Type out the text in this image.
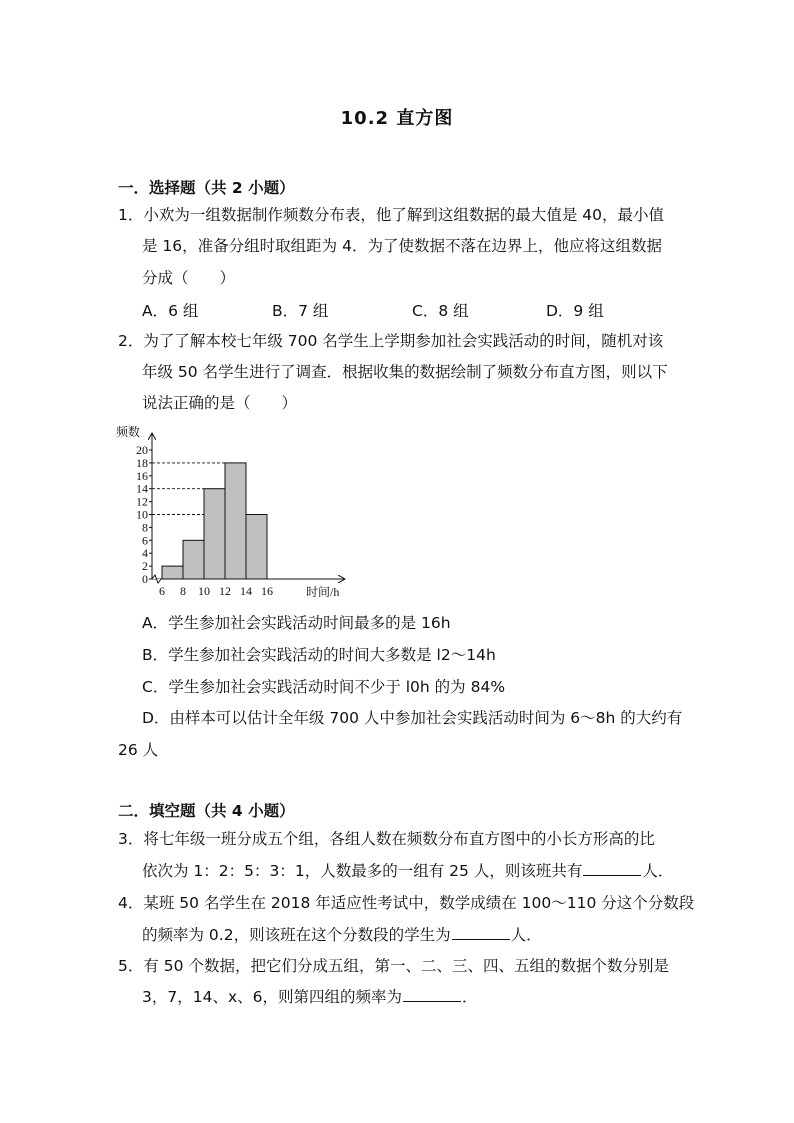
10.2 直方图
一．选择题（共 2 小题）
1．小欢为一组数据制作频数分布表，他了解到这组数据的最大值是 40，最小值
是 16，准备分组时取组距为 4．为了使数据不落在边界上，他应将这组数据
分成（　　）
A．6 组	B．7 组	C．8 组	D．9 组
2．为了了解本校七年级 700 名学生上学期参加社会实践活动的时间，随机对该
年级 50 名学生进行了调查．根据收集的数据绘制了频数分布直方图，则以下
说法正确的是（　　）
频数
时间/h
0
2
4
6
8
10
12
14
16
18
20
6 8 10 12 14 16
A．学生参加社会实践活动时间最多的是 16h
B．学生参加社会实践活动的时间大多数是 l2～14h
C．学生参加社会实践活动时间不少于 l0h 的为 84%
D．由样本可以估计全年级 700 人中参加社会实践活动时间为 6～8h 的大约有
26 人
二．填空题（共 4 小题）
3．将七年级一班分成五个组，各组人数在频数分布直方图中的小长方形高的比
依次为 1：2：5：3：1，人数最多的一组有 25 人，则该班共有	人．
4．某班 50 名学生在 2018 年适应性考试中，数学成绩在 100～110 分这个分数段
的频率为 0.2，则该班在这个分数段的学生为	人．
5．有 50 个数据，把它们分成五组，第一、二、三、四、五组的数据个数分别是
3，7，14、x、6，则第四组的频率为	．
